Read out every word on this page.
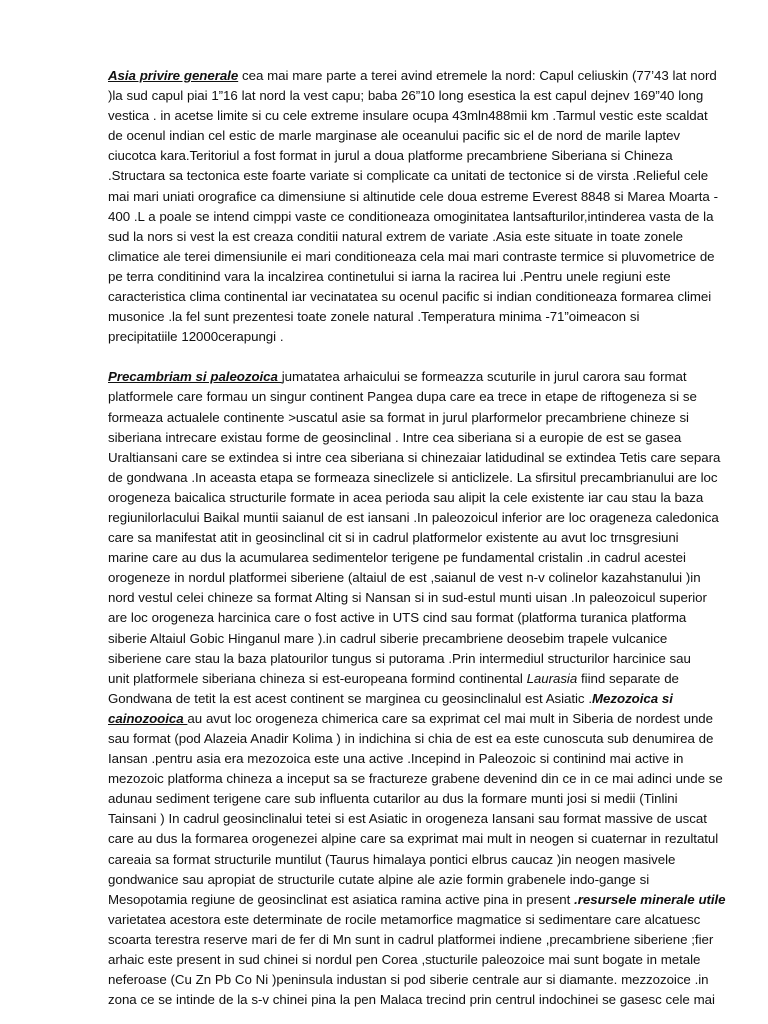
Asia privire generale cea mai mare parte a terei avind etremele la nord: Capul celiuskin (77’43 lat nord
)la sud capul piai 1”16 lat nord la vest capu; baba 26”10 long esestica la est capul dejnev 169”40 long
vestica . in acetse limite si cu cele extreme insulare ocupa 43mln488mii km .Tarmul vestic este scaldat
de ocenul indian cel estic de marle marginase ale oceanului pacific sic el de nord de marile laptev
ciucotca kara.Teritoriul a fost format in jurul a doua platforme precambriene Siberiana si Chineza
.Structara sa tectonica este foarte variate si complicate ca unitati de tectonice si de virsta .Relieful cele
mai mari uniati orografice ca dimensiune si altinutide cele doua estreme Everest 8848 si Marea Moarta -
400 .L a poale se intend cimppi vaste ce conditioneaza omoginitatea lantsafturilor,intinderea vasta de la
sud la nors si vest la est creaza conditii natural extrem de variate .Asia este situate in toate zonele
climatice ale terei dimensiunile ei mari conditioneaza cela mai mari contraste termice si pluvometrice de
pe terra conditinind vara la incalzirea continetului si iarna la racirea lui .Pentru unele regiuni este
caracteristica clima continental iar vecinatatea su ocenul pacific si indian conditioneaza formarea climei
musonice .la fel sunt prezentesi toate zonele natural .Temperatura minima -71”oimeacon si
precipitatiile 12000cerapungi .

Precambriam si paleozoica jumatatea arhaicului se formeazza scuturile in jurul carora sau format
platformele care formau un singur continent Pangea dupa care ea trece in etape de riftogeneza si se
formeaza actualele continente >uscatul asie sa format in jurul plarformelor precambriene chineze si
siberiana intrecare existau forme de geosinclinal . Intre cea siberiana si a europie de est se gasea
Uraltiansani care se extindea si intre cea siberiana si chinezaiar latidudinal se extindea Tetis care separa
de gondwana .In aceasta etapa se formeaza sineclizele si anticlizele. La sfirsitul precambrianului are loc
orogeneza baicalica structurile formate in acea perioda sau alipit la cele existente iar cau stau la baza
regiunilorlacului Baikal muntii saianul de est iansani .In paleozoicul inferior are loc orageneza caledonica
care sa manifestat atit in geosinclinal cit si in cadrul platformelor existente au avut loc trnsgresiuni
marine care au dus la acumularea sedimentelor terigene pe fundamental cristalin .in cadrul acestei
orogeneze in nordul platformei siberiene (altaiul de est ,saianul de vest n-v colinelor kazahstanului )in
nord vestul celei chineze sa format Alting si Nansan si in sud-estul munti uisan .In paleozoicul superior
are loc orogeneza harcinica care o fost active in UTS cind sau format (platforma turanica platforma
siberie Altaiul Gobic Hinganul mare ).in cadrul siberie precambriene deosebim trapele vulcanice
siberiene care stau la baza platourilor tungus si putorama .Prin intermediul structurilor harcinice sau
unit platformele siberiana chineza si est-europeana formind continental Laurasia fiind separate de
Gondwana de tetit la est acest continent se marginea cu geosinclinalul est Asiatic .Mezozoica si
cainozooica au avut loc orogeneza chimerica care sa exprimat cel mai mult in Siberia de nordest unde
sau format (pod Alazeia Anadir Kolima ) in indichina si chia de est ea este cunoscuta sub denumirea de
Iansan .pentru asia era mezozoica este una active .Incepind in Paleozoic si continind mai active in
mezozoic platforma chineza a inceput sa se fractureze grabene devenind din ce in ce mai adinci unde se
adunau sediment terigene care sub influenta cutarilor au dus la formare munti josi si medii (Tinlini
Tainsani ) In cadrul geosinclinalui tetei si est Asiatic in orogeneza Iansani sau format massive de uscat
care au dus la formarea orogenezei alpine care sa exprimat mai mult in neogen si cuaternar in rezultatul
careaia sa format structurile muntilut (Taurus himalaya pontici elbrus caucaz )in neogen masivele
gondwanice sau apropiat de structurile cutate alpine ale azie formin grabenele indo-gange si
Mesopotamia regiune de geosinclinat est asiatica ramina active pina in present .resursele minerale utile
varietatea acestora este determinate de rocile metamorfice magmatice si sedimentare care alcatuesc
scoarta terestra reserve mari de fer di Mn sunt in cadrul platformei indiene ,precambriene siberiene ;fier
arhaic este present in sud chinei si nordul pen Corea ,stucturile paleozoice mai sunt bogate in metale
neferoase (Cu Zn Pb Co Ni )peninsula industan si pod siberie centrale aur si diamante. mezzozoice .in
zona ce se intinde de la s-v chinei pina la pen Malaca trecind prin centrul indochinei se gasesc cele mai
